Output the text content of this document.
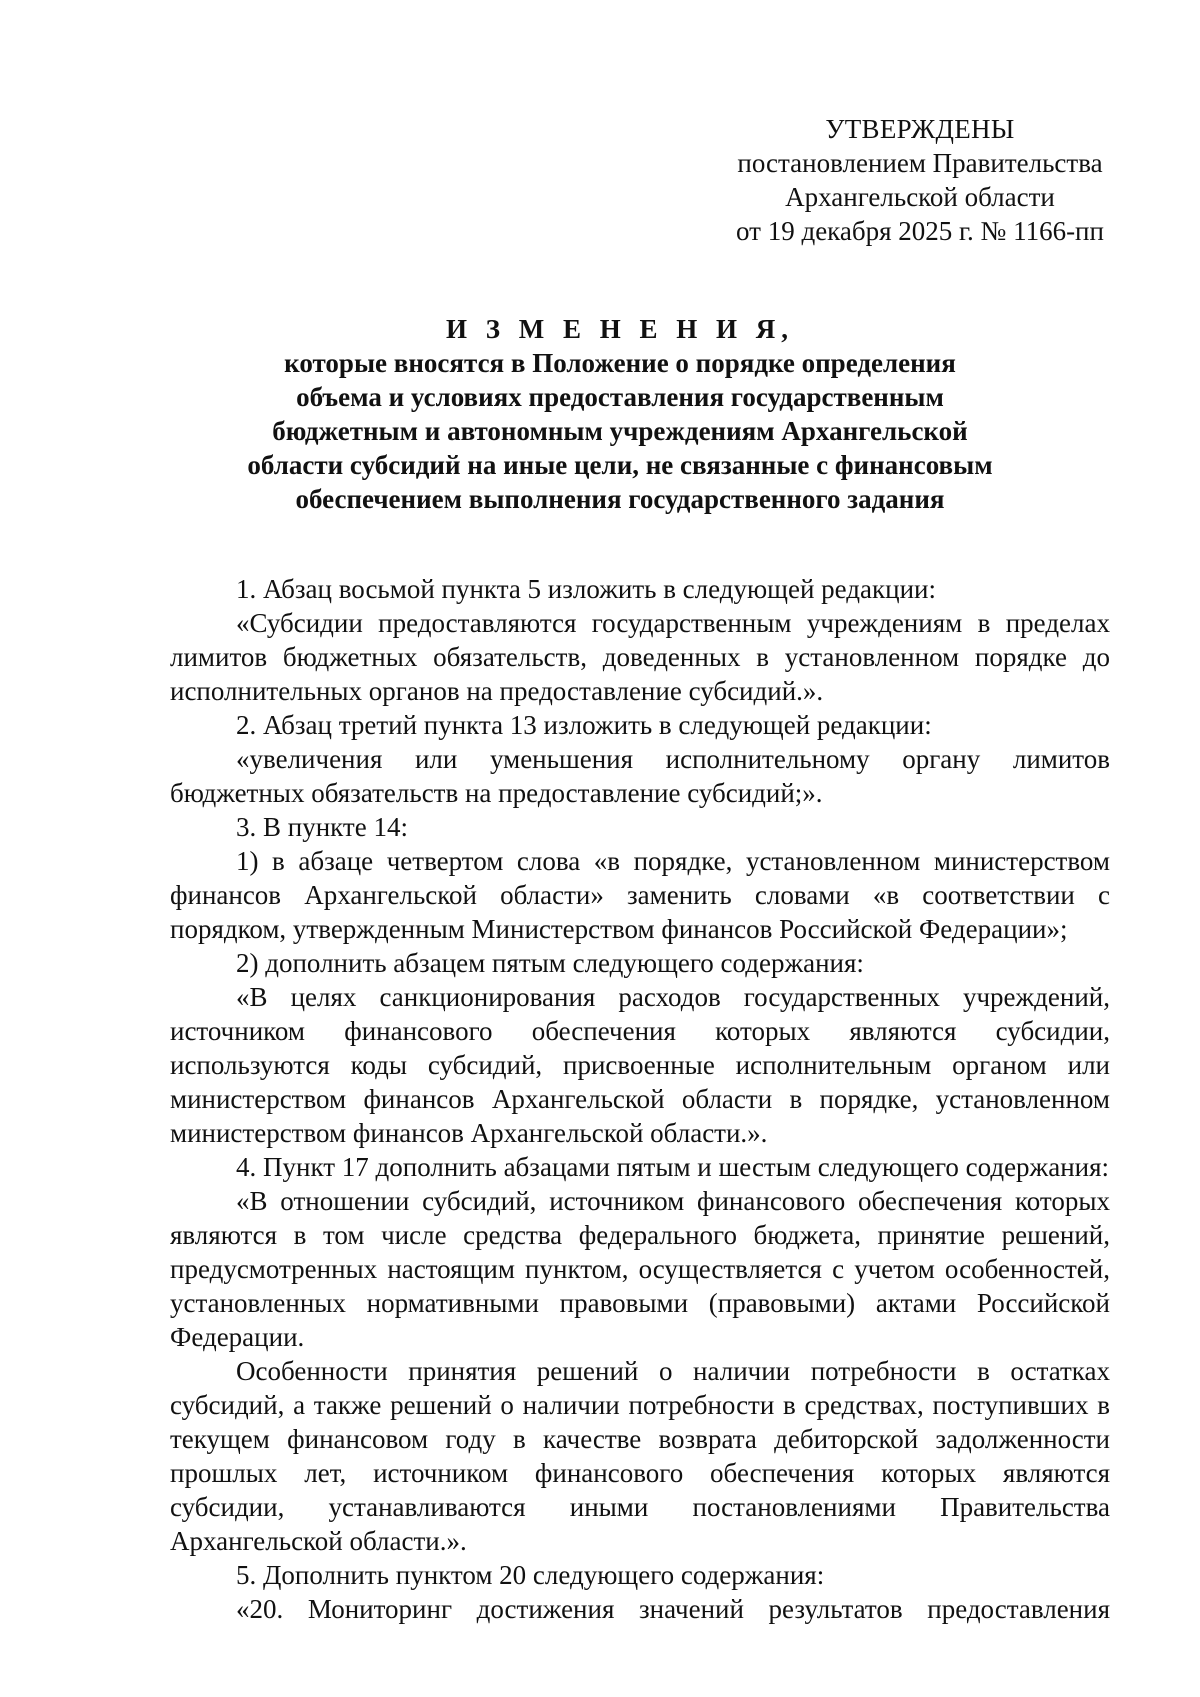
УТВЕРЖДЕНЫ
постановлением Правительства
Архангельской области
от 19 декабря 2025 г. № 1166-пп
И З М Е Н Е Н И Я,
которые вносятся в Положение о порядке определения
объема и условиях предоставления государственным
бюджетным и автономным учреждениям Архангельской
области субсидий на иные цели, не связанные с финансовым
обеспечением выполнения государственного задания

1. Абзац восьмой пункта 5 изложить в следующей редакции:

«Субсидии предоставляются государственным учреждениям в пределах лимитов бюджетных обязательств, доведенных в установленном порядке до исполнительных органов на предоставление субсидий.».

2. Абзац третий пункта 13 изложить в следующей редакции:

«увеличения или уменьшения исполнительному органу лимитов бюджетных обязательств на предоставление субсидий;».

3. В пункте 14:

1) в абзаце четвертом слова «в порядке, установленном министерством финансов Архангельской области» заменить словами «в соответствии с порядком, утвержденным Министерством финансов Российской Федерации»;

2) дополнить абзацем пятым следующего содержания:

«В целях санкционирования расходов государственных учреждений, источником финансового обеспечения которых являются субсидии, используются коды субсидий, присвоенные исполнительным органом или министерством финансов Архангельской области в порядке, установленном министерством финансов Архангельской области.».

4. Пункт 17 дополнить абзацами пятым и шестым следующего содержания:

«В отношении субсидий, источником финансового обеспечения которых являются в том числе средства федерального бюджета, принятие решений, предусмотренных настоящим пунктом, осуществляется с учетом особенностей, установленных нормативными правовыми (правовыми) актами Российской Федерации.

Особенности принятия решений о наличии потребности в остатках субсидий, а также решений о наличии потребности в средствах, поступивших в текущем финансовом году в качестве возврата дебиторской задолженности прошлых лет, источником финансового обеспечения которых являются субсидии, устанавливаются иными постановлениями Правительства Архангельской области.».

5. Дополнить пунктом 20 следующего содержания:

«20. Мониторинг достижения значений результатов предоставления
